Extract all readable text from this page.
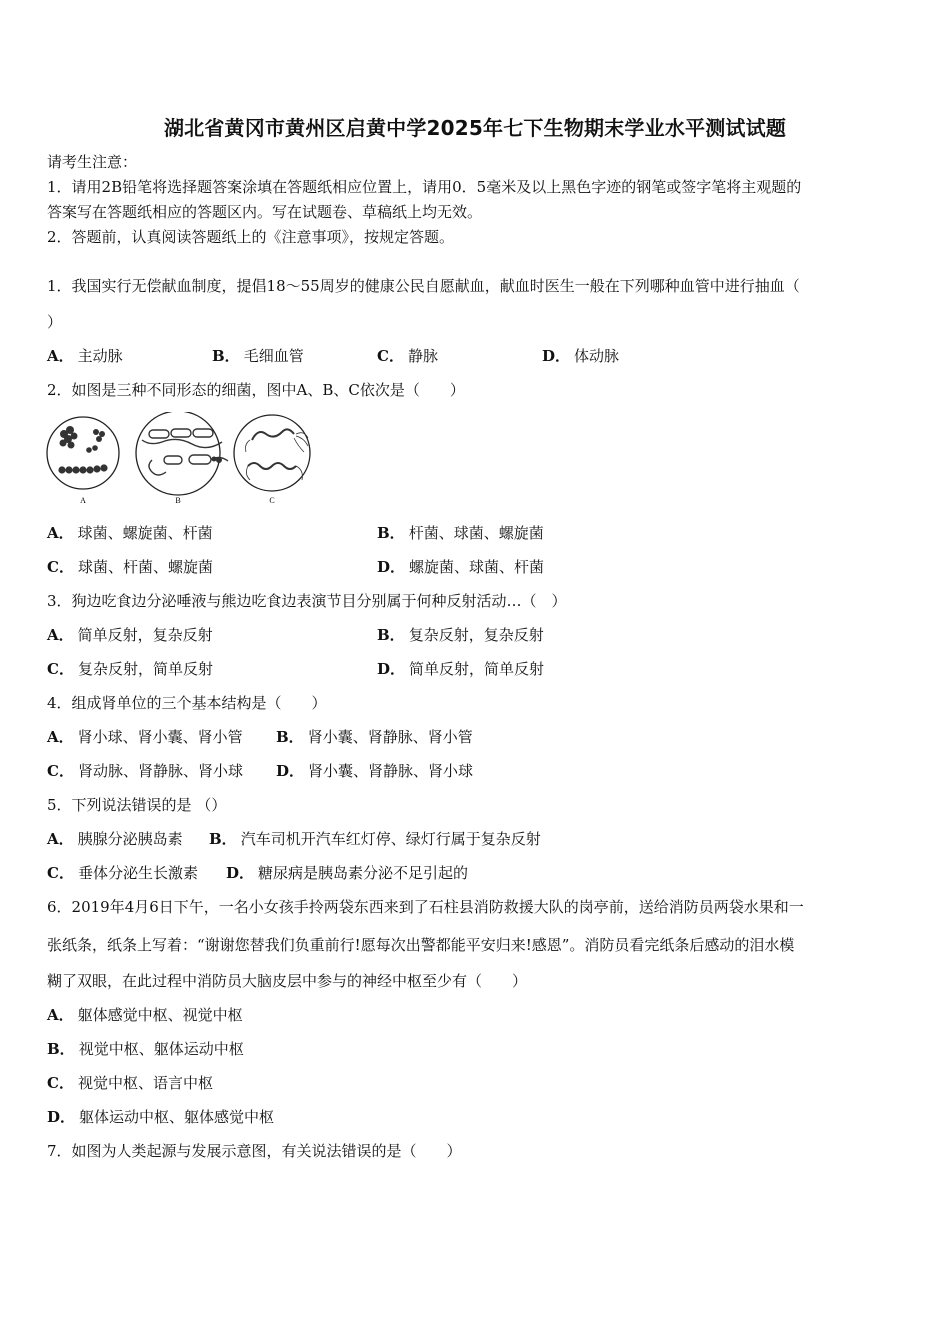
湖北省黄冈市黄州区启黄中学2025年七下生物期末学业水平测试试题
请考生注意：
1．请用2B铅笔将选择题答案涂填在答题纸相应位置上，请用0．5毫米及以上黑色字迹的钢笔或签字笔将主观题的
答案写在答题纸相应的答题区内。写在试题卷、草稿纸上均无效。
2．答题前，认真阅读答题纸上的《注意事项》，按规定答题。
1．我国实行无偿献血制度，提倡18～55周岁的健康公民自愿献血，献血时医生一般在下列哪种血管中进行抽血（
）
A． 主动脉	B． 毛细血管	C． 静脉	D． 体动脉
2．如图是三种不同形态的细菌，图中A、B、C依次是（　　）
A	B	C
A． 球菌、螺旋菌、杆菌	B． 杆菌、球菌、螺旋菌
C． 球菌、杆菌、螺旋菌	D． 螺旋菌、球菌、杆菌
3．狗边吃食边分泌唾液与熊边吃食边表演节目分别属于何种反射活动…（　）
A． 简单反射，复杂反射	B． 复杂反射，复杂反射
C． 复杂反射，简单反射	D． 简单反射，简单反射
4．组成肾单位的三个基本结构是（　　）
A． 肾小球、肾小囊、肾小管 B． 肾小囊、肾静脉、肾小管
C． 肾动脉、肾静脉、肾小球 D． 肾小囊、肾静脉、肾小球
5．下列说法错误的是 （）
A． 胰腺分泌胰岛素 B． 汽车司机开汽车红灯停、绿灯行属于复杂反射
C． 垂体分泌生长激素 D． 糖尿病是胰岛素分泌不足引起的
6．2019年4月6日下午，一名小女孩手拎两袋东西来到了石柱县消防救援大队的岗亭前，送给消防员两袋水果和一
张纸条，纸条上写着：“谢谢您替我们负重前行!愿每次出警都能平安归来!感恩”。消防员看完纸条后感动的泪水模
糊了双眼，在此过程中消防员大脑皮层中参与的神经中枢至少有（　　）
A． 躯体感觉中枢、视觉中枢
B． 视觉中枢、躯体运动中枢
C． 视觉中枢、语言中枢
D． 躯体运动中枢、躯体感觉中枢
7．如图为人类起源与发展示意图，有关说法错误的是（　　）
